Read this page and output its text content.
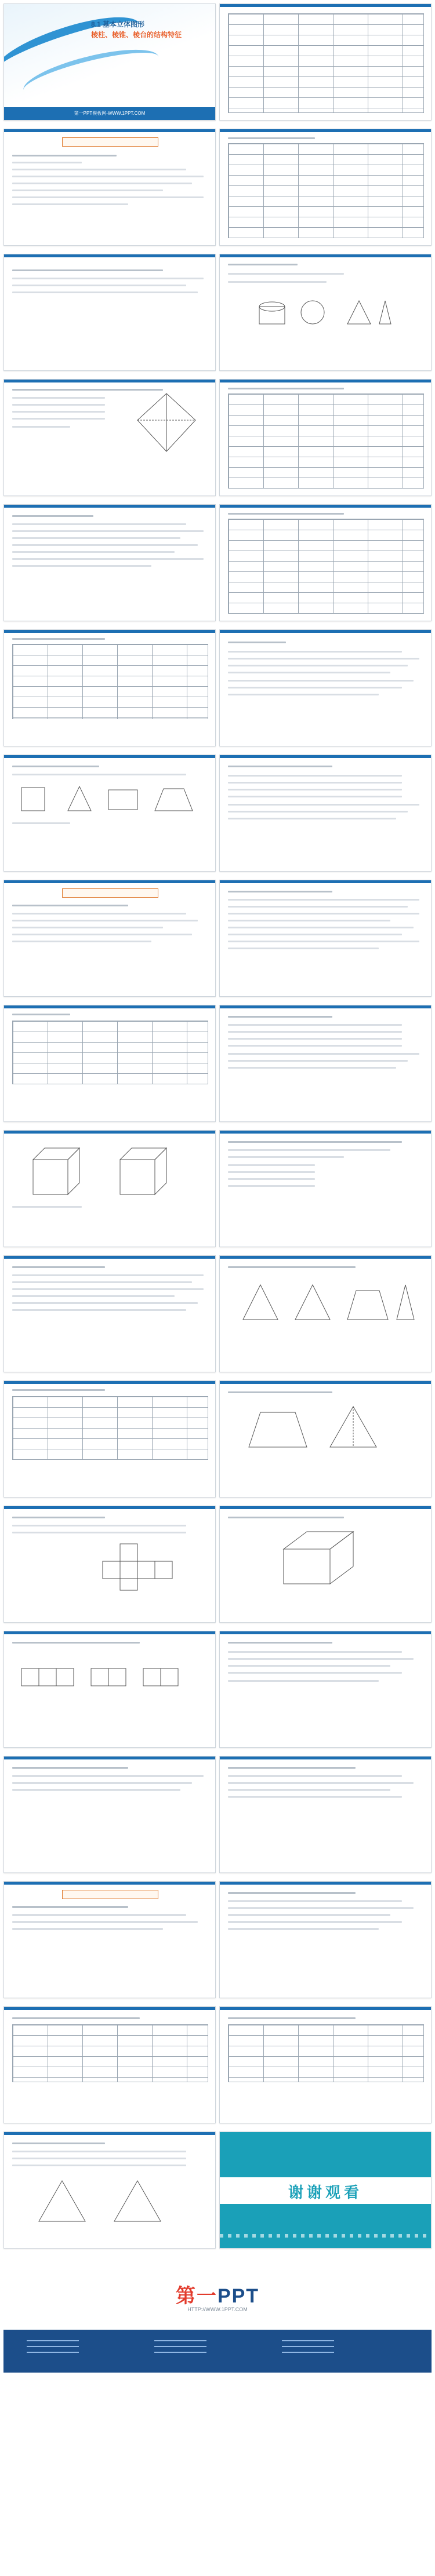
8.1 基本立体图形
棱柱、棱锥、棱台的结构特征
第一PPT模板网-WWW.1PPT.COM
谢谢观看
第一PPT
HTTP://WWW.1PPT.COM
